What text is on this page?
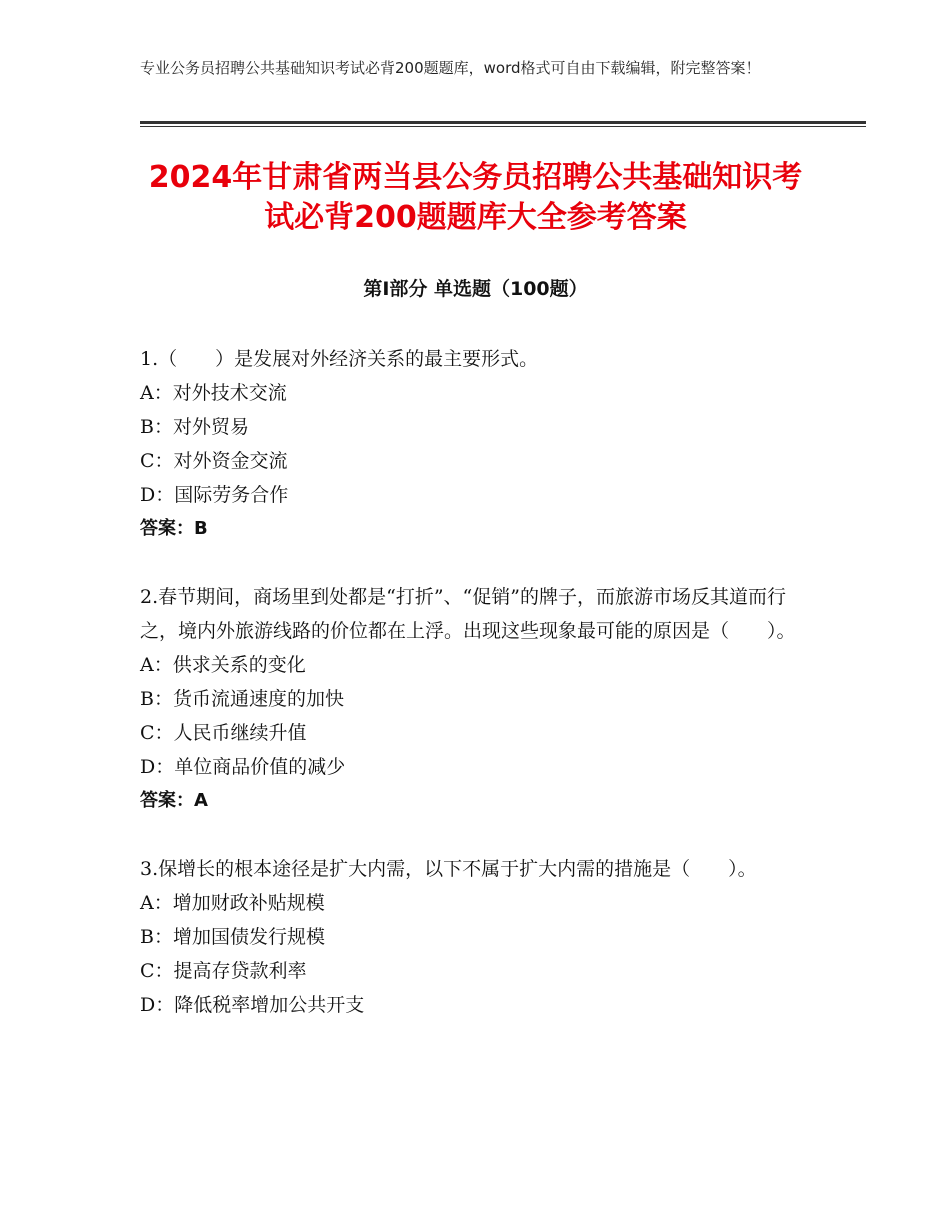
专业公务员招聘公共基础知识考试必背200题题库，word格式可自由下载编辑，附完整答案！
2024年甘肃省两当县公务员招聘公共基础知识考试必背200题题库大全参考答案
第Ⅰ部分 单选题（100题）

1.（　　）是发展对外经济关系的最主要形式。

A：对外技术交流

B：对外贸易

C：对外资金交流

D：国际劳务合作

答案：B

2.春节期间，商场里到处都是“打折”、“促销”的牌子，而旅游市场反其道而行之，境内外旅游线路的价位都在上浮。出现这些现象最可能的原因是（　　）。

A：供求关系的变化

B：货币流通速度的加快

C：人民币继续升值

D：单位商品价值的减少

答案：A

3.保增长的根本途径是扩大内需，以下不属于扩大内需的措施是（　　）。

A：增加财政补贴规模

B：增加国债发行规模

C：提高存贷款利率

D：降低税率增加公共开支
